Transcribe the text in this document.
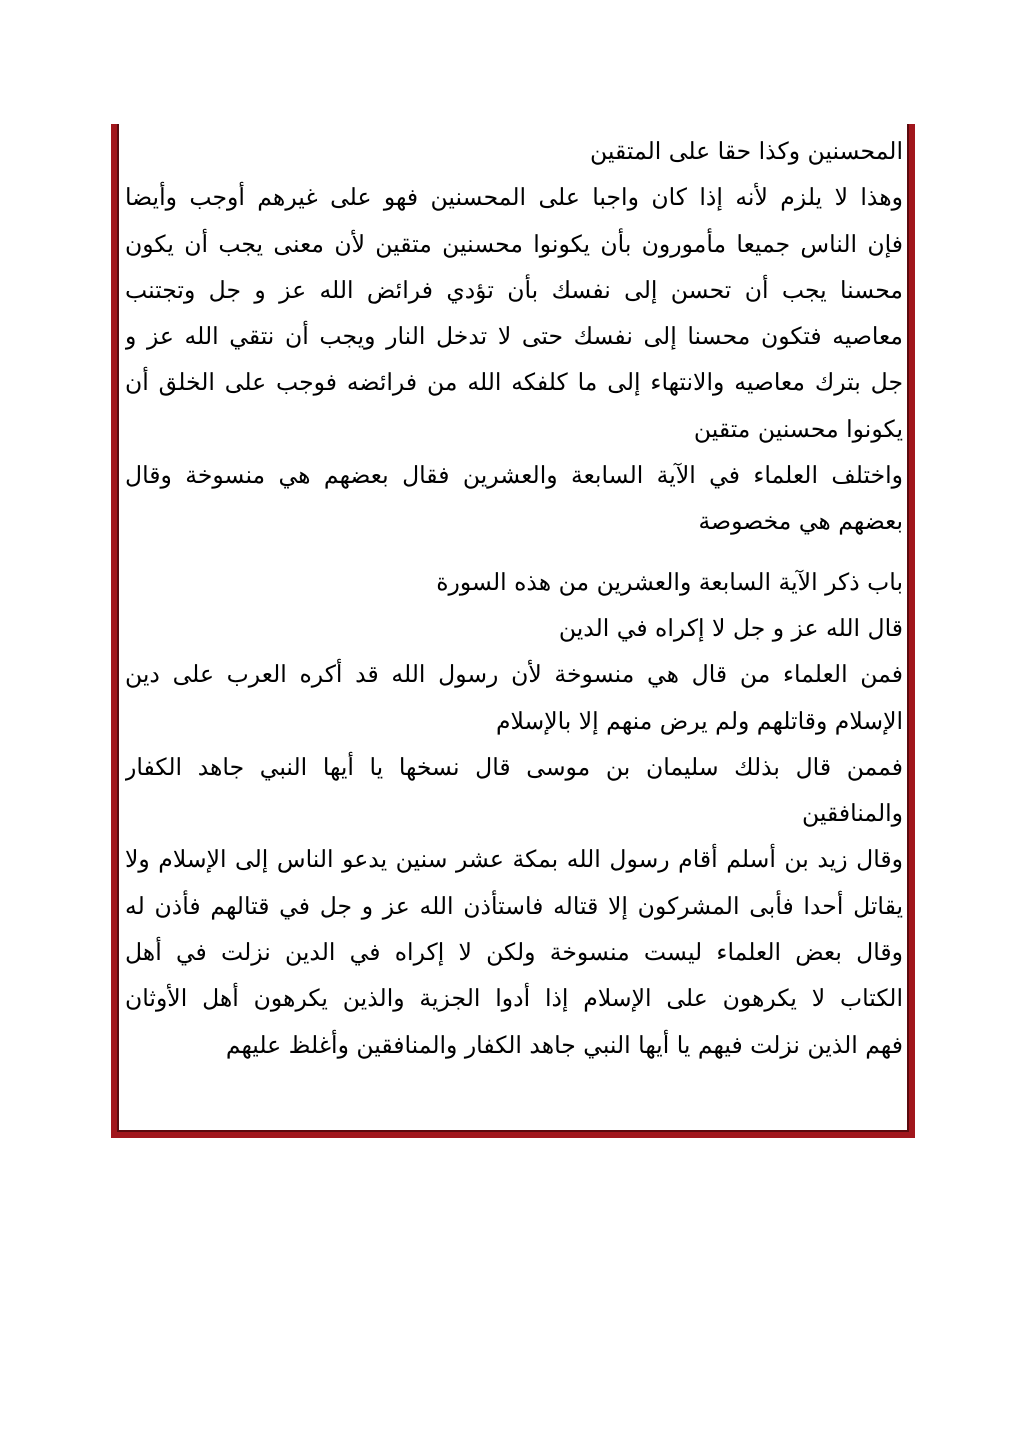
المحسنين وكذا حقا على المتقين
وهذا لا يلزم لأنه إذا كان واجبا على المحسنين فهو على غيرهم أوجب وأيضا
فإن الناس جميعا مأمورون بأن يكونوا محسنين متقين لأن معنى يجب أن يكون
محسنا يجب أن تحسن إلى نفسك بأن تؤدي فرائض الله عز و جل وتجتنب
معاصيه فتكون محسنا إلى نفسك حتى لا تدخل النار ويجب أن نتقي الله عز و
جل بترك معاصيه والانتهاء إلى ما كلفكه الله من فرائضه فوجب على الخلق أن
يكونوا محسنين متقين
واختلف العلماء في الآية السابعة والعشرين فقال بعضهم هي منسوخة وقال
بعضهم هي مخصوصة
باب ذكر الآية السابعة والعشرين من هذه السورة
قال الله عز و جل لا إكراه في الدين
فمن العلماء من قال هي منسوخة لأن رسول الله قد أكره العرب على دين
الإسلام وقاتلهم ولم يرض منهم إلا بالإسلام
فممن قال بذلك سليمان بن موسى قال نسخها يا أيها النبي جاهد الكفار
والمنافقين
وقال زيد بن أسلم أقام رسول الله بمكة عشر سنين يدعو الناس إلى الإسلام ولا
يقاتل أحدا فأبى المشركون إلا قتاله فاستأذن الله عز و جل في قتالهم فأذن له
وقال بعض العلماء ليست منسوخة ولكن لا إكراه في الدين نزلت في أهل
الكتاب لا يكرهون على الإسلام إذا أدوا الجزية والذين يكرهون أهل الأوثان
فهم الذين نزلت فيهم يا أيها النبي جاهد الكفار والمنافقين وأغلظ عليهم
